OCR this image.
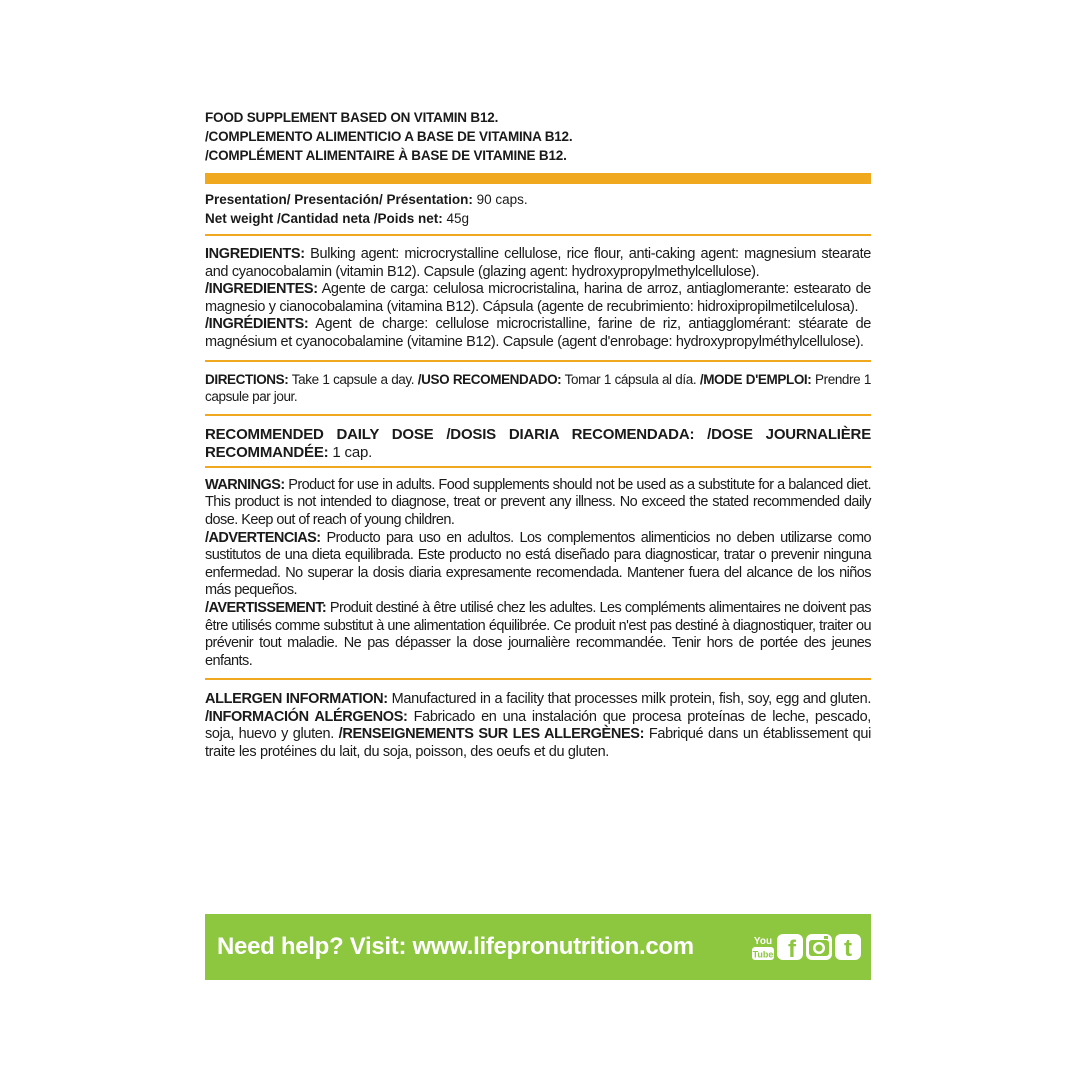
FOOD SUPPLEMENT BASED ON VITAMIN B12.
/COMPLEMENTO ALIMENTICIO A BASE DE VITAMINA B12.
/COMPLÉMENT ALIMENTAIRE À BASE DE VITAMINE B12.
Presentation/ Presentación/ Présentation: 90 caps.
Net weight /Cantidad neta /Poids net: 45g

INGREDIENTS: Bulking agent: microcrystalline cellulose, rice flour, anti-caking agent: magnesium stearate and cyanocobalamin (vitamin B12). Capsule (glazing agent: hydroxypropylmethylcellulose).

/INGREDIENTES: Agente de carga: celulosa microcristalina, harina de arroz, antiaglomerante: estearato de magnesio y cianocobalamina (vitamina B12). Cápsula (agente de recubrimiento: hidroxipropilmetilcelulosa).

/INGRÉDIENTS: Agent de charge: cellulose microcristalline, farine de riz, antiagglomérant: stéarate de magnésium et cyanocobalamine (vitamine B12). Capsule (agent d'enrobage: hydroxypropylméthylcellulose).

DIRECTIONS: Take 1 capsule a day. /USO RECOMENDADO: Tomar 1 cápsula al día. /MODE D'EMPLOI: Prendre 1 capsule par jour.

RECOMMENDED DAILY DOSE /DOSIS DIARIA RECOMENDADA: /DOSE JOURNALIÈRE RECOMMANDÉE: 1 cap.

WARNINGS: Product for use in adults. Food supplements should not be used as a substitute for a balanced diet. This product is not intended to diagnose, treat or prevent any illness. No exceed the stated recommended daily dose. Keep out of reach of young children.

/ADVERTENCIAS: Producto para uso en adultos. Los complementos alimenticios no deben utilizarse como sustitutos de una dieta equilibrada. Este producto no está diseñado para diagnosticar, tratar o prevenir ninguna enfermedad. No superar la dosis diaria expresamente recomendada. Mantener fuera del alcance de los niños más pequeños.

/AVERTISSEMENT: Produit destiné à être utilisé chez les adultes. Les compléments alimentaires ne doivent pas être utilisés comme substitut à une alimentation équilibrée. Ce produit n'est pas destiné à diagnostiquer, traiter ou prévenir tout maladie. Ne pas dépasser la dose journalière recommandée. Tenir hors de portée des jeunes enfants.

ALLERGEN INFORMATION: Manufactured in a facility that processes milk protein, fish, soy, egg and gluten. /INFORMACIÓN ALÉRGENOS: Fabricado en una instalación que procesa proteínas de leche, pescado, soja, huevo y gluten. /RENSEIGNEMENTS SUR LES ALLERGÈNES: Fabriqué dans un établissement qui traite les protéines du lait, du soja, poisson, des oeufs et du gluten.

Need help? Visit: www.lifepronutrition.com	You
Tube f t
